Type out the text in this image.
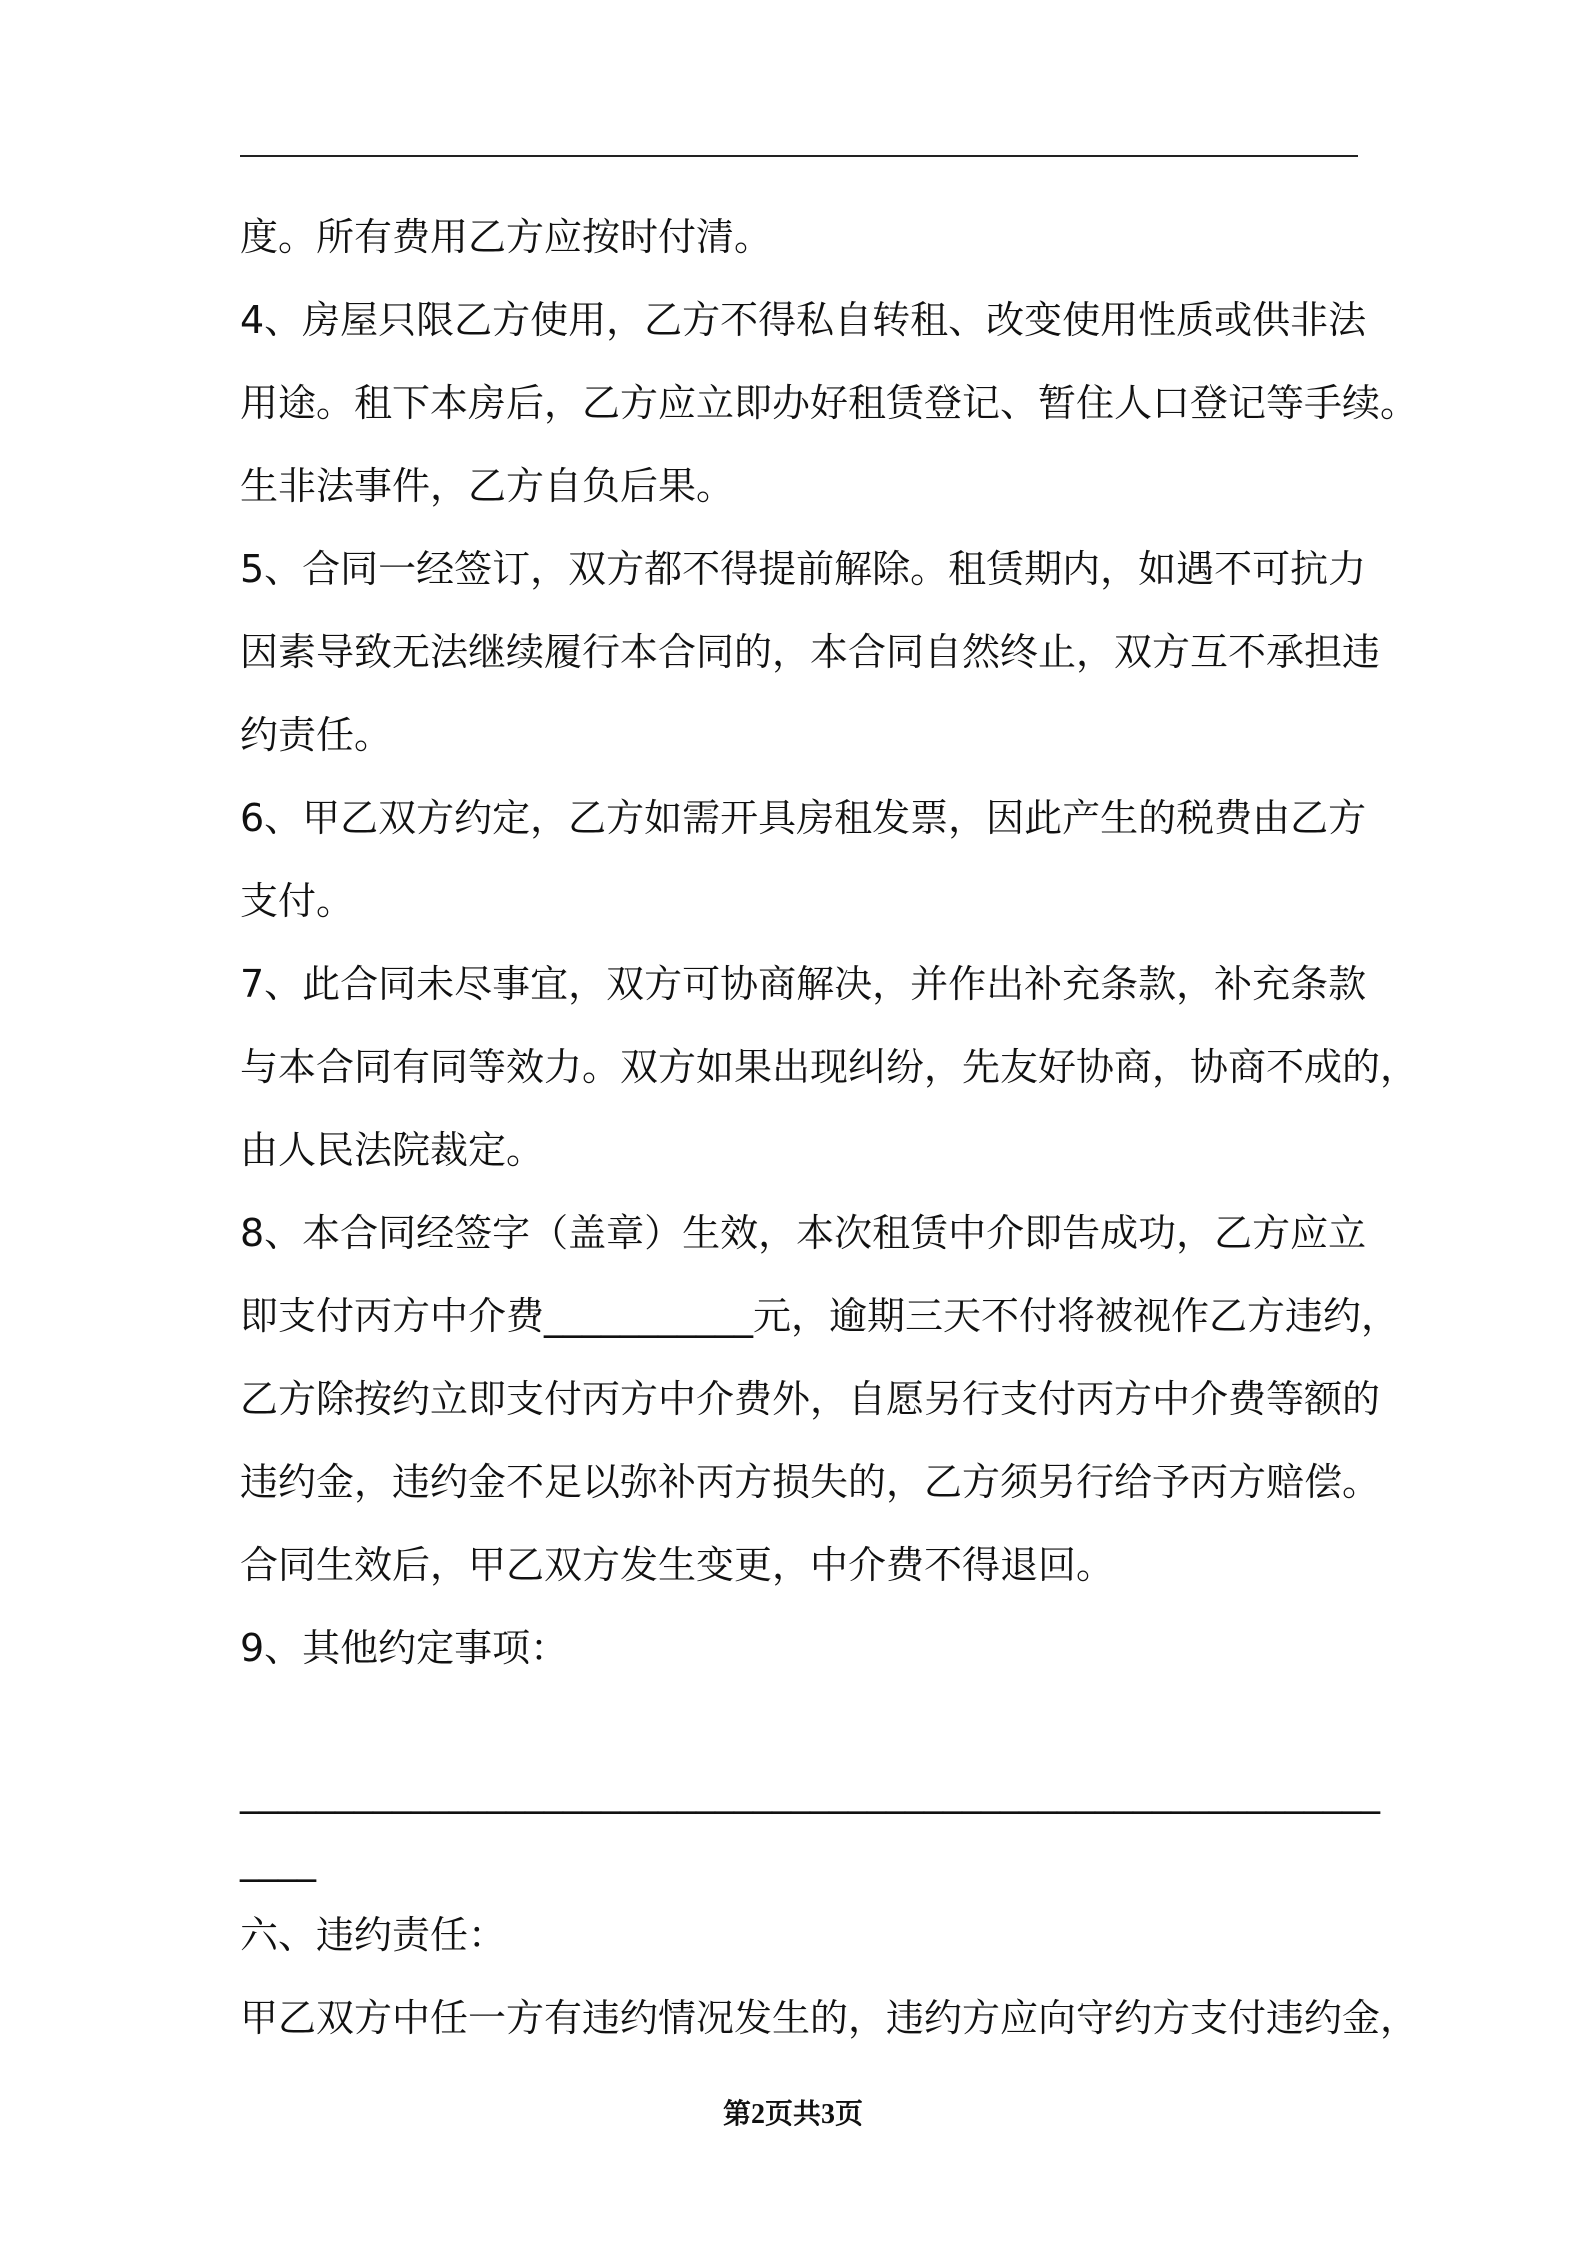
度。所有费用乙方应按时付清。
4、房屋只限乙方使用，乙方不得私自转租、改变使用性质或供非法
用途。租下本房后，乙方应立即办好租赁登记、暂住人口登记等手续。
生非法事件，乙方自负后果。
5、合同一经签订，双方都不得提前解除。租赁期内，如遇不可抗力
因素导致无法继续履行本合同的，本合同自然终止，双方互不承担违
约责任。
6、甲乙双方约定，乙方如需开具房租发票，因此产生的税费由乙方
支付。
7、此合同未尽事宜，双方可协商解决，并作出补充条款，补充条款
与本合同有同等效力。双方如果出现纠纷，先友好协商，协商不成的，
由人民法院裁定。
8、本合同经签字（盖章）生效，本次租赁中介即告成功，乙方应立
即支付丙方中介费___________元，逾期三天不付将被视作乙方违约，
乙方除按约立即支付丙方中介费外，自愿另行支付丙方中介费等额的
违约金，违约金不足以弥补丙方损失的，乙方须另行给予丙方赔偿。
合同生效后，甲乙双方发生变更，中介费不得退回。
9、其他约定事项：
____________________________________________________________
____
六、违约责任：
甲乙双方中任一方有违约情况发生的，违约方应向守约方支付违约金，
第2页共3页
